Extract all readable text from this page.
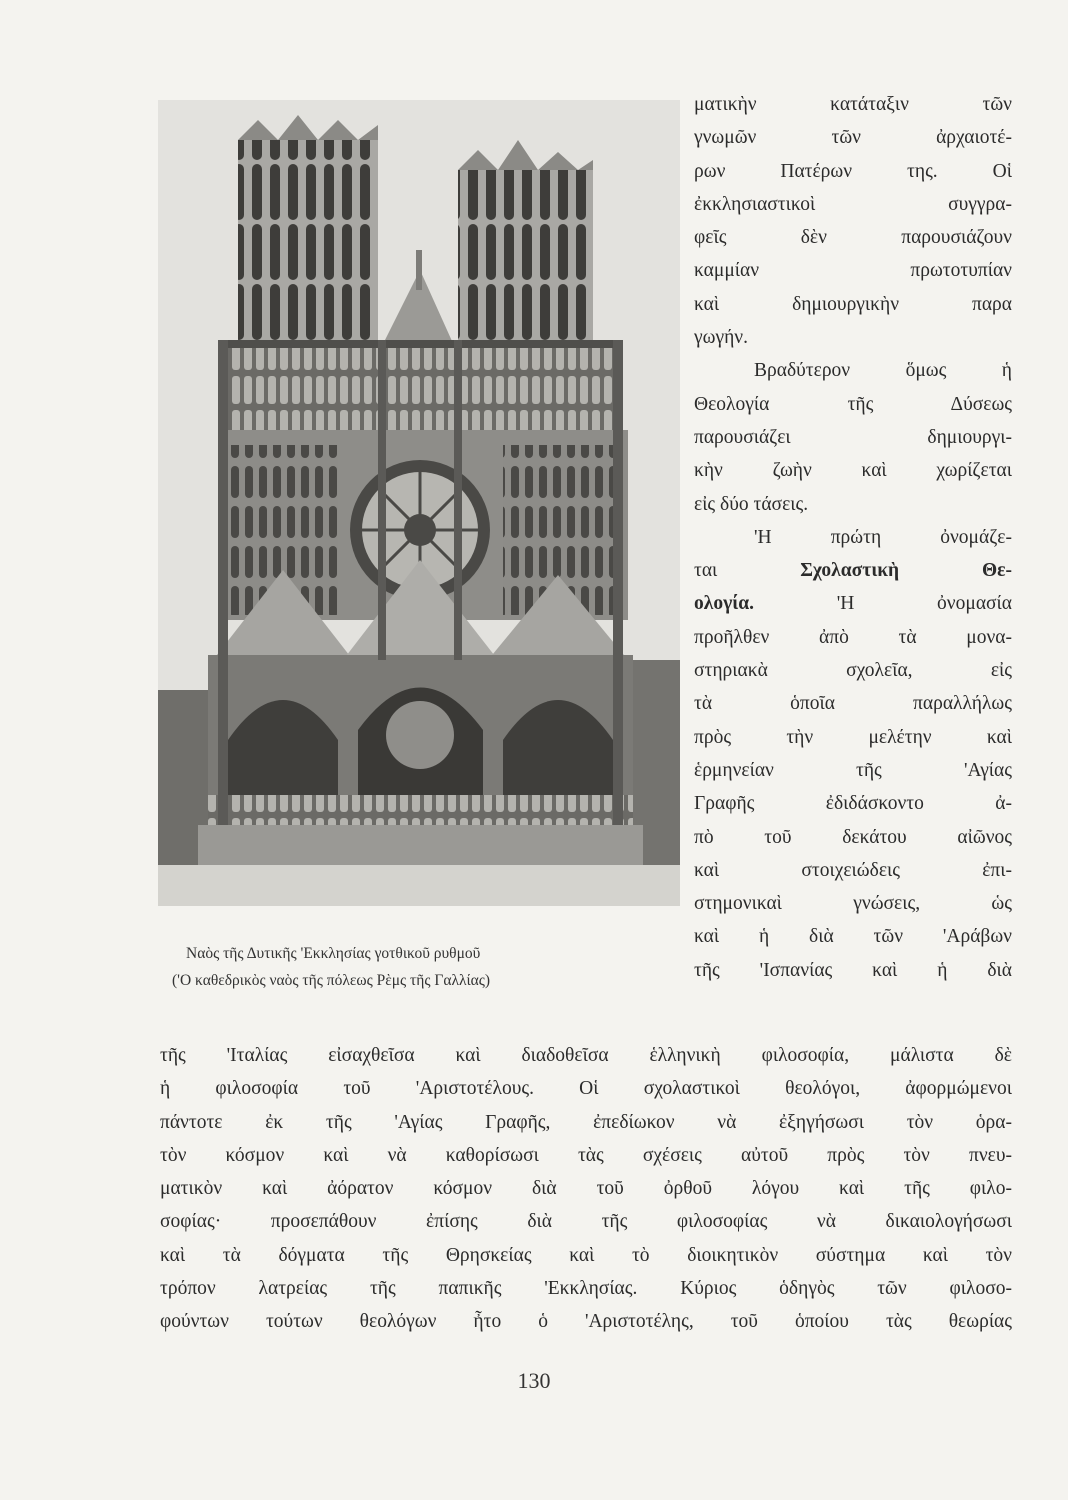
Ναὸς τῆς Δυτικῆς 'Εκκλησίας γοτθικοῦ ρυθμοῦ
('Ο καθεδρικὸς ναὸς τῆς πόλεως Ρὲμς τῆς Γαλλίας)
ματικὴν κατάταξιν τῶν
γνωμῶν τῶν ἀρχαιοτέ-
ρων Πατέρων της. Οἱ
ἐκκλησιαστικοὶ συγγρα-
φεῖς δὲν παρουσιάζουν
καμμίαν πρωτοτυπίαν
καὶ δημιουργικὴν παρα
γωγήν.
Βραδύτερον ὅμως ἡ
Θεολογία τῆς Δύσεως
παρουσιάζει δημιουργι-
κὴν ζωὴν καὶ χωρίζεται
εἰς δύο τάσεις.
'Η πρώτη ὀνομάζε-
ται	Σχολαστικὴ Θε-
ολογία.	'Η ὀνομασία
προῆλθεν ἀπὸ τὰ μονα-
στηριακὰ σχολεῖα, εἰς
τὰ ὁποῖα παραλλήλως
πρὸς τὴν μελέτην καὶ
ἑρμηνείαν τῆς 'Αγίας
Γραφῆς ἐδιδάσκοντο ἀ-
πὸ τοῦ δεκάτου αἰῶνος
καὶ στοιχειώδεις ἐπι-
στημονικαὶ γνώσεις, ὡς
καὶ ἡ διὰ τῶν 'Αράβων
τῆς 'Ισπανίας καὶ ἡ διὰ
τῆς 'Ιταλίας εἰσαχθεῖσα καὶ διαδοθεῖσα ἑλληνικὴ φιλοσοφία, μάλιστα δὲ
ἡ φιλοσοφία τοῦ 'Αριστοτέλους. Οἱ σχολαστικοὶ θεολόγοι, ἀφορμώμενοι
πάντοτε ἐκ τῆς 'Αγίας Γραφῆς, ἐπεδίωκον νὰ ἐξηγήσωσι τὸν ὁρα-
τὸν κόσμον καὶ νὰ καθορίσωσι τὰς σχέσεις αὐτοῦ πρὸς τὸν πνευ-
ματικὸν καὶ ἀόρατον κόσμον διὰ τοῦ ὀρθοῦ λόγου καὶ τῆς φιλο-
σοφίας· προσεπάθουν ἐπίσης διὰ τῆς φιλοσοφίας νὰ δικαιολογήσωσι
καὶ τὰ δόγματα τῆς Θρησκείας καὶ τὸ διοικητικὸν σύστημα καὶ τὸν
τρόπον λατρείας τῆς παπικῆς 'Εκκλησίας. Κύριος ὁδηγὸς τῶν φιλοσο-
φούντων τούτων θεολόγων ἦτο ὁ 'Αριστοτέλης, τοῦ ὁποίου τὰς θεωρίας
130
